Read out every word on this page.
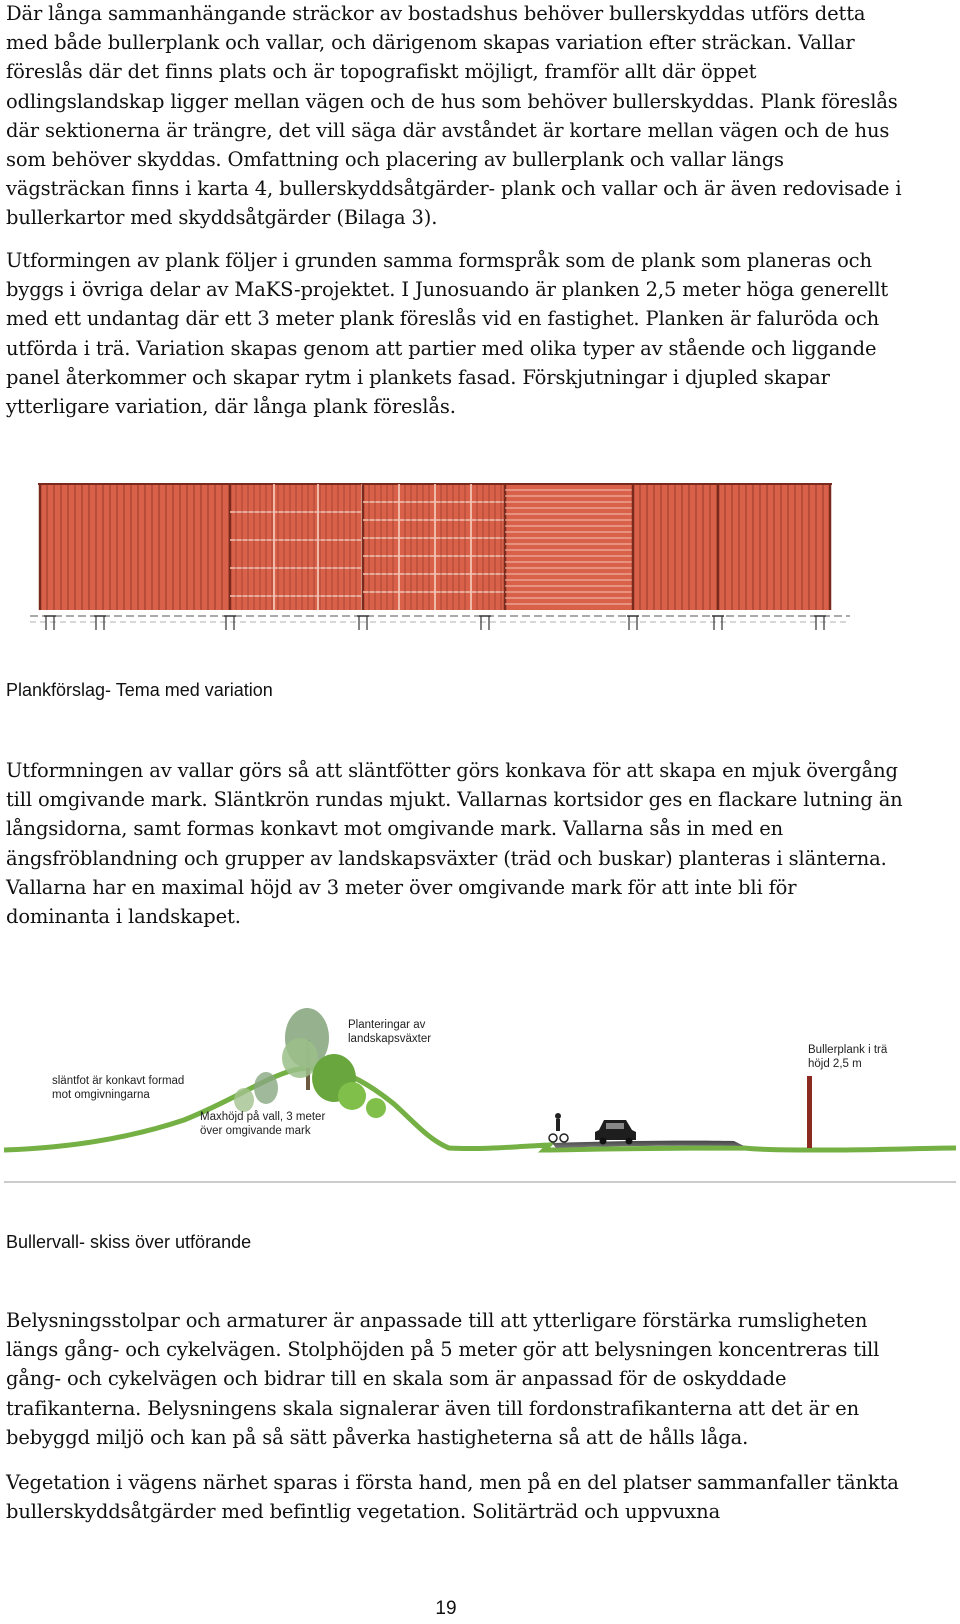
Där långa sammanhängande sträckor av bostadshus behöver bullerskyddas utförs detta med både bullerplank och vallar, och därigenom skapas variation efter sträckan. Vallar föreslås där det finns plats och är topografiskt möjligt, framför allt där öppet odlingslandskap ligger mellan vägen och de hus som behöver bullerskyddas. Plank föreslås där sektionerna är trängre, det vill säga där avståndet är kortare mellan vägen och de hus som behöver skyddas. Omfattning och placering av bullerplank och vallar längs vägsträckan finns i karta 4, bullerskyddsåtgärder- plank och vallar och är även redovisade i bullerkartor med skyddsåtgärder (Bilaga 3).

Utformingen av plank följer i grunden samma formspråk som de plank som planeras och byggs i övriga delar av MaKS-projektet. I Junosuando är planken 2,5 meter höga generellt med ett undantag där ett 3 meter plank föreslås vid en fastighet. Planken är faluröda och utförda i trä. Variation skapas genom att partier med olika typer av stående och liggande panel återkommer och skapar rytm i plankets fasad. Förskjutningar i djupled skapar ytterligare variation, där långa plank föreslås.

Plankförslag- Tema med variation

Utformningen av vallar görs så att släntfötter görs konkava för att skapa en mjuk övergång till omgivande mark. Släntkrön rundas mjukt. Vallarnas kortsidor ges en flackare lutning än långsidorna, samt formas konkavt mot omgivande mark. Vallarna sås in med en ängsfröblandning och grupper av landskapsväxter (träd och buskar) planteras i slänterna. Vallarna har en maximal höjd av 3 meter över omgivande mark för att inte bli för dominanta i landskapet.

Planteringar av
landskapsväxter
släntfot är konkavt formad
mot omgivningarna
Maxhöjd på vall, 3 meter
över omgivande mark
Bullerplank i trä
höjd 2,5 m

Bullervall- skiss över utförande

Belysningsstolpar och armaturer är anpassade till att ytterligare förstärka rumsligheten längs gång- och cykelvägen. Stolphöjden på 5 meter gör att belysningen koncentreras till gång- och cykelvägen och bidrar till en skala som är anpassad för de oskyddade trafikanterna. Belysningens skala signalerar även till fordonstrafikanterna att det är en bebyggd miljö och kan på så sätt påverka hastigheterna så att de hålls låga.

Vegetation i vägens närhet sparas i första hand, men på en del platser sammanfaller tänkta bullerskyddsåtgärder med befintlig vegetation. Solitärträd och uppvuxna

19
